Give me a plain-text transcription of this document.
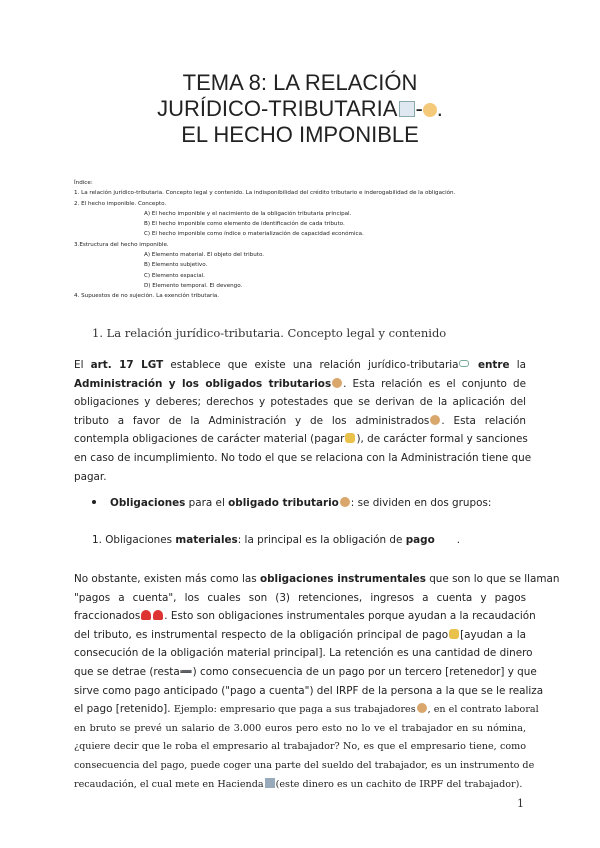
TEMA 8: LA RELACIÓN
JURÍDICO-TRIBUTARIA - .
EL HECHO IMPONIBLE
Índice:
1. La relación jurídico-tributaria. Concepto legal y contenido. La indisponibilidad del crédito tributario e inderogabilidad de la obligación.
2. El hecho imponible. Concepto.
A) El hecho imponible y el nacimiento de la obligación tributaria principal.
B) El hecho imponible como elemento de identificación de cada tributo.
C) El hecho imponible como índice o materialización de capacidad económica.
3.Estructura del hecho imponible.
A) Elemento material. El objeto del tributo.
B) Elemento subjetivo.
C) Elemento espacial.
D) Elemento temporal. El devengo.
4. Supuestos de no sujeción. La exención tributaria.
1. La relación jurídico-tributaria. Concepto legal y contenido
El art. 17 LGT establece que existe una relación jurídico-tributaria entre la
Administración y los obligados tributarios . Esta relación es el conjunto de
obligaciones y deberes; derechos y potestades que se derivan de la aplicación del
tributo a favor de la Administración y de los administrados . Esta relación
contempla obligaciones de carácter material (pagar ), de carácter formal y sanciones
en caso de incumplimiento. No todo el que se relaciona con la Administración tiene que
pagar.
Obligaciones para el obligado tributario : se dividen en dos grupos:
1. Obligaciones materiales: la principal es la obligación de pago .
No obstante, existen más como las obligaciones instrumentales que son lo que se llaman
"pagos a cuenta", los cuales son (3) retenciones, ingresos a cuenta y pagos
fraccionados . Esto son obligaciones instrumentales porque ayudan a la recaudación
del tributo, es instrumental respecto de la obligación principal de pago [ayudan a la
consecución de la obligación material principal]. La retención es una cantidad de dinero
que se detrae (resta➖) como consecuencia de un pago por un tercero [retenedor] y que
sirve como pago anticipado ("pago a cuenta") del IRPF de la persona a la que se le realiza
el pago [retenido]. Ejemplo: empresario que paga a sus trabajadores , en el contrato laboral
en bruto se prevé un salario de 3.000 euros pero esto no lo ve el trabajador en su nómina,
¿quiere decir que le roba el empresario al trabajador? No, es que el empresario tiene, como
consecuencia del pago, puede coger una parte del sueldo del trabajador, es un instrumento de
recaudación, el cual mete en Hacienda (este dinero es un cachito de IRPF del trabajador).
1
